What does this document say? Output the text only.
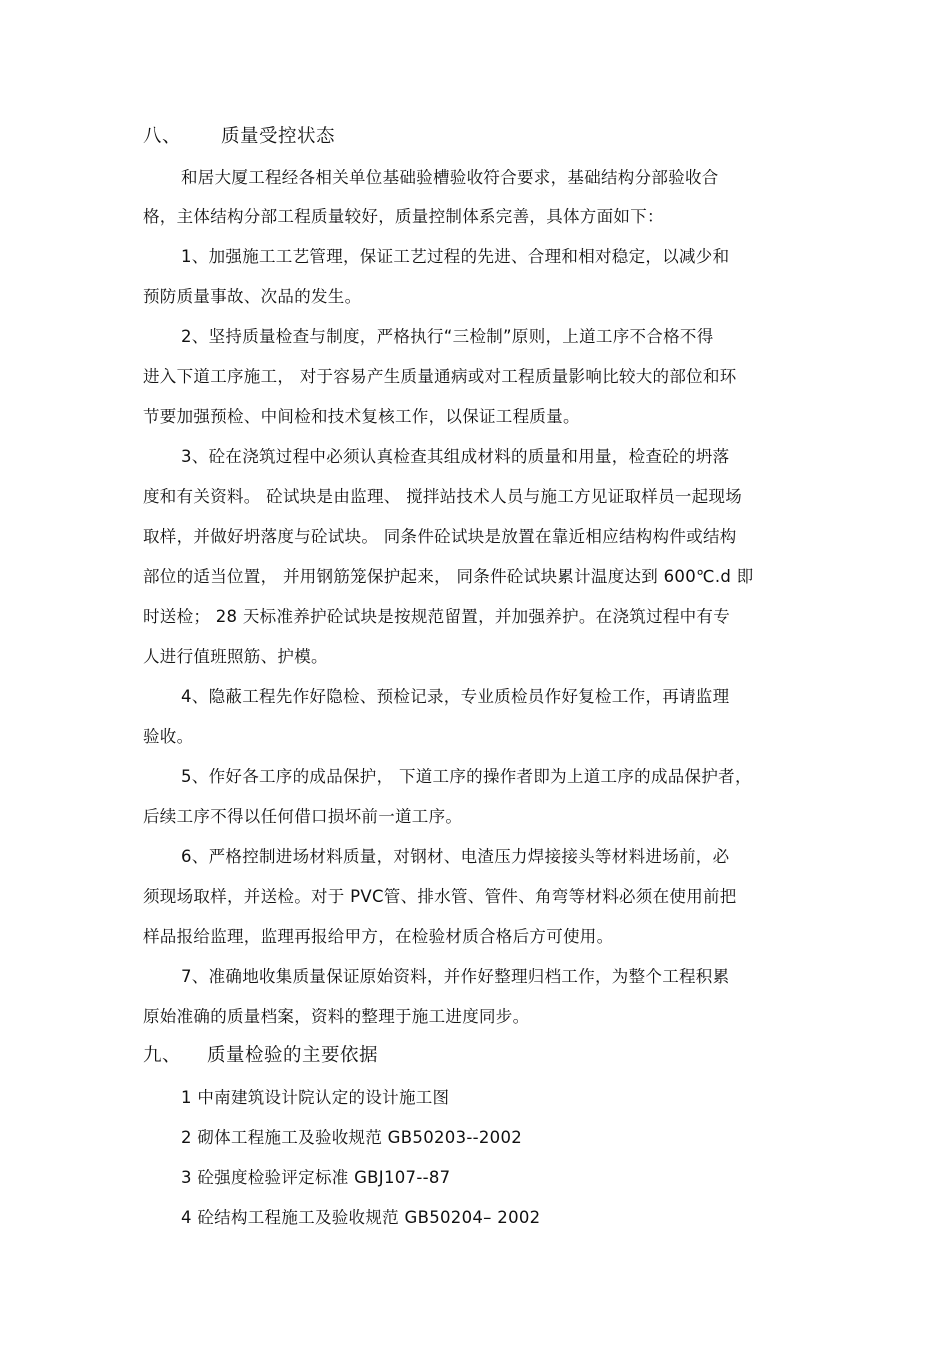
八、 质量受控状态
和居大厦工程经各相关单位基础验槽验收符合要求，基础结构分部验收合
格，主体结构分部工程质量较好，质量控制体系完善，具体方面如下：
1、加强施工工艺管理，保证工艺过程的先进、合理和相对稳定，以减少和
预防质量事故、次品的发生。
2、坚持质量检查与制度，严格执行“三检制”原则，上道工序不合格不得
进入下道工序施工， 对于容易产生质量通病或对工程质量影响比较大的部位和环
节要加强预检、中间检和技术复核工作，以保证工程质量。
3、砼在浇筑过程中必须认真检查其组成材料的质量和用量，检查砼的坍落
度和有关资料。 砼试块是由监理、 搅拌站技术人员与施工方见证取样员一起现场
取样，并做好坍落度与砼试块。 同条件砼试块是放置在靠近相应结构构件或结构
部位的适当位置， 并用钢筋笼保护起来， 同条件砼试块累计温度达到 600℃.d 即
时送检； 28 天标准养护砼试块是按规范留置，并加强养护。在浇筑过程中有专
人进行值班照筋、护模。
4、隐蔽工程先作好隐检、预检记录，专业质检员作好复检工作，再请监理
验收。
5、作好各工序的成品保护， 下道工序的操作者即为上道工序的成品保护者，
后续工序不得以任何借口损坏前一道工序。
6、严格控制进场材料质量，对钢材、电渣压力焊接接头等材料进场前，必
须现场取样，并送检。对于 PVC管、排水管、管件、角弯等材料必须在使用前把
样品报给监理，监理再报给甲方，在检验材质合格后方可使用。
7、准确地收集质量保证原始资料，并作好整理归档工作，为整个工程积累
原始准确的质量档案，资料的整理于施工进度同步。
九、 质量检验的主要依据
1 中南建筑设计院认定的设计施工图
2 砌体工程施工及验收规范 GB50203--2002
3 砼强度检验评定标准 GBJ107--87
4 砼结构工程施工及验收规范 GB50204– 2002
